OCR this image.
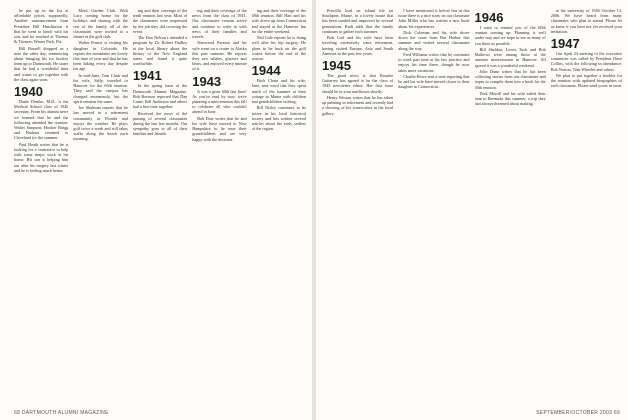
be put up in the list at affordable prices, supposedly. Another announcement from President Bill Hutchinson is that he went to lunch with his son, and he reached at Thomas & Thomas, Winter Park, Fla.

Bill Russell dropped us a note the other day, reminiscing about bringing his ice hockey team up to Dartmouth. He states that he had a wonderful time and wants to get together with the class again soon.

1940

Dante Demko, M.D., is the Medical School class of 1940 secretary. From his alumni news we learned that he and the following attended the reunion: Walter Simpson, Hooker Bragg and Barbara returned to Cleveland for the summer.

Paul Heath writes that he is looking for a contractor to help with some major work at his home. His son is helping him out after his surgery last winter and he is feeling much better.

Merit Garden Club. With Lucy coming home for the holidays and sharing with the rest of the family, all of the classmates were invited to a dinner at the golf club.

Walter Frasier is visiting his daughter in Colorado. He reports the mountains are lovely this time of year and that he has been hiking every day despite his age.

In mid-June, Tom Clark and his wife, Sally, traveled to Hanover for the 65th reunion. They said the campus has changed enormously, but the spirit remains the same.

Joe Shulman reports that he has moved to a retirement community in Florida and enjoys the weather. He plays golf twice a week and still takes walks along the beach each morning.

ing and their coverage of the tenth reunion last year. Most of the classmates were impressed by the job they did covering the event.

The Dan Nelson's attended a program by Dr. Robert Dudley at the local library about the history of the New England states and found it quite worthwhile.

1941

In the spring issue of the Dartmouth Alumni Magazine, Bob Boreson reported that Dan Crane, Bill Anderson and others had a fine time together.

Received the news of the passing of several classmates during the last few months. Our sympathy goes to all of their families and friends.

ing and their coverage of the news from the class of 1941. Our classmates remain active and continue to write in with news of their families and travels.

Sherwood Parsons and his wife went on a cruise to Alaska this past summer. He reports they saw whales, glaciers and bears, and enjoyed every minute of it.

1943

It was a great 60th last June! As you've read by now, we're planning a mini-reunion this fall to celebrate all who couldn't attend in June.

Bob Dorr writes that he and his wife have moved to New Hampshire to be near their grandchildren and are very happy with the decision.

ing and their coverage of the 60th reunion. Bill Hart and his wife drove up from Connecticut and stayed at the Hanover Inn for the entire weekend.

Ned Gale reports he is doing well after his hip surgery. He plans to be back on the golf course before the end of the season.

1944

Fitch Chase and his wife, Jane, sent word that they spent much of the summer at their cottage in Maine with children and grandchildren visiting.

Bill Nisley continues to be active in his local historical society and has written several articles about the early settlers of the region.

68 DARTMOUTH ALUMNI MAGAZINE

Priscilla lead on island life on Southport, Maine, in a lovely house that has been sanded and improved by several generations. Rudi adds that the family continues to gather each summer.

Bob Carl and his wife have been traveling extensively since retirement, having visited Europe, Asia and South America in the past few years.

1945

The good news is that Rosalee Guiterrez has agreed to be the class of 1945 newsletter editor. Her first issue should be in your mailboxes shortly.

Henry Weston writes that he has taken up painting in retirement and recently had a showing of his watercolors at the local gallery.

I have mentioned it before but in this issue there is a nice story on our classmate John Miller who has written a new book about his experiences.

Dick Coleman and his wife drove down the coast from Bar Harbor this summer and visited several classmates along the way.

Fred Williams writes that he continues to work part time at his law practice and enjoys his time there, though he now takes more vacations.

Charlie Howe sent a note reporting that he and his wife have moved closer to their daughter in Connecticut.

1946

I want to remind you of the 60th reunion coming up. Planning is well under way and we hope to see as many of you there as possible.

Bill Sheldon, Lewis Tuck and Bob Mathews were among those at the summer mini-reunion in Hanover. All agreed it was a wonderful weekend.

John Dunn writes that he has been collecting stories from our classmates and hopes to compile them into a book for the 60th reunion.

Dick Merrill and his wife sailed their boat to Bermuda this summer, a trip they had always dreamed about making.

at the university of 1946 October 13, 2006. We have heard from many classmates who plan to attend. Please let us know if you have not yet received your invitation.

1947

Our April 24 meeting of the executive committee was called by President Dave Collins, with the following in attendance: Bob Norton, Tom Wheeler and others.

We plan to put together a booklet for the reunion with updated biographies of each classmate. Please send yours in soon.

SEPTEMBER/OCTOBER 2003 69
